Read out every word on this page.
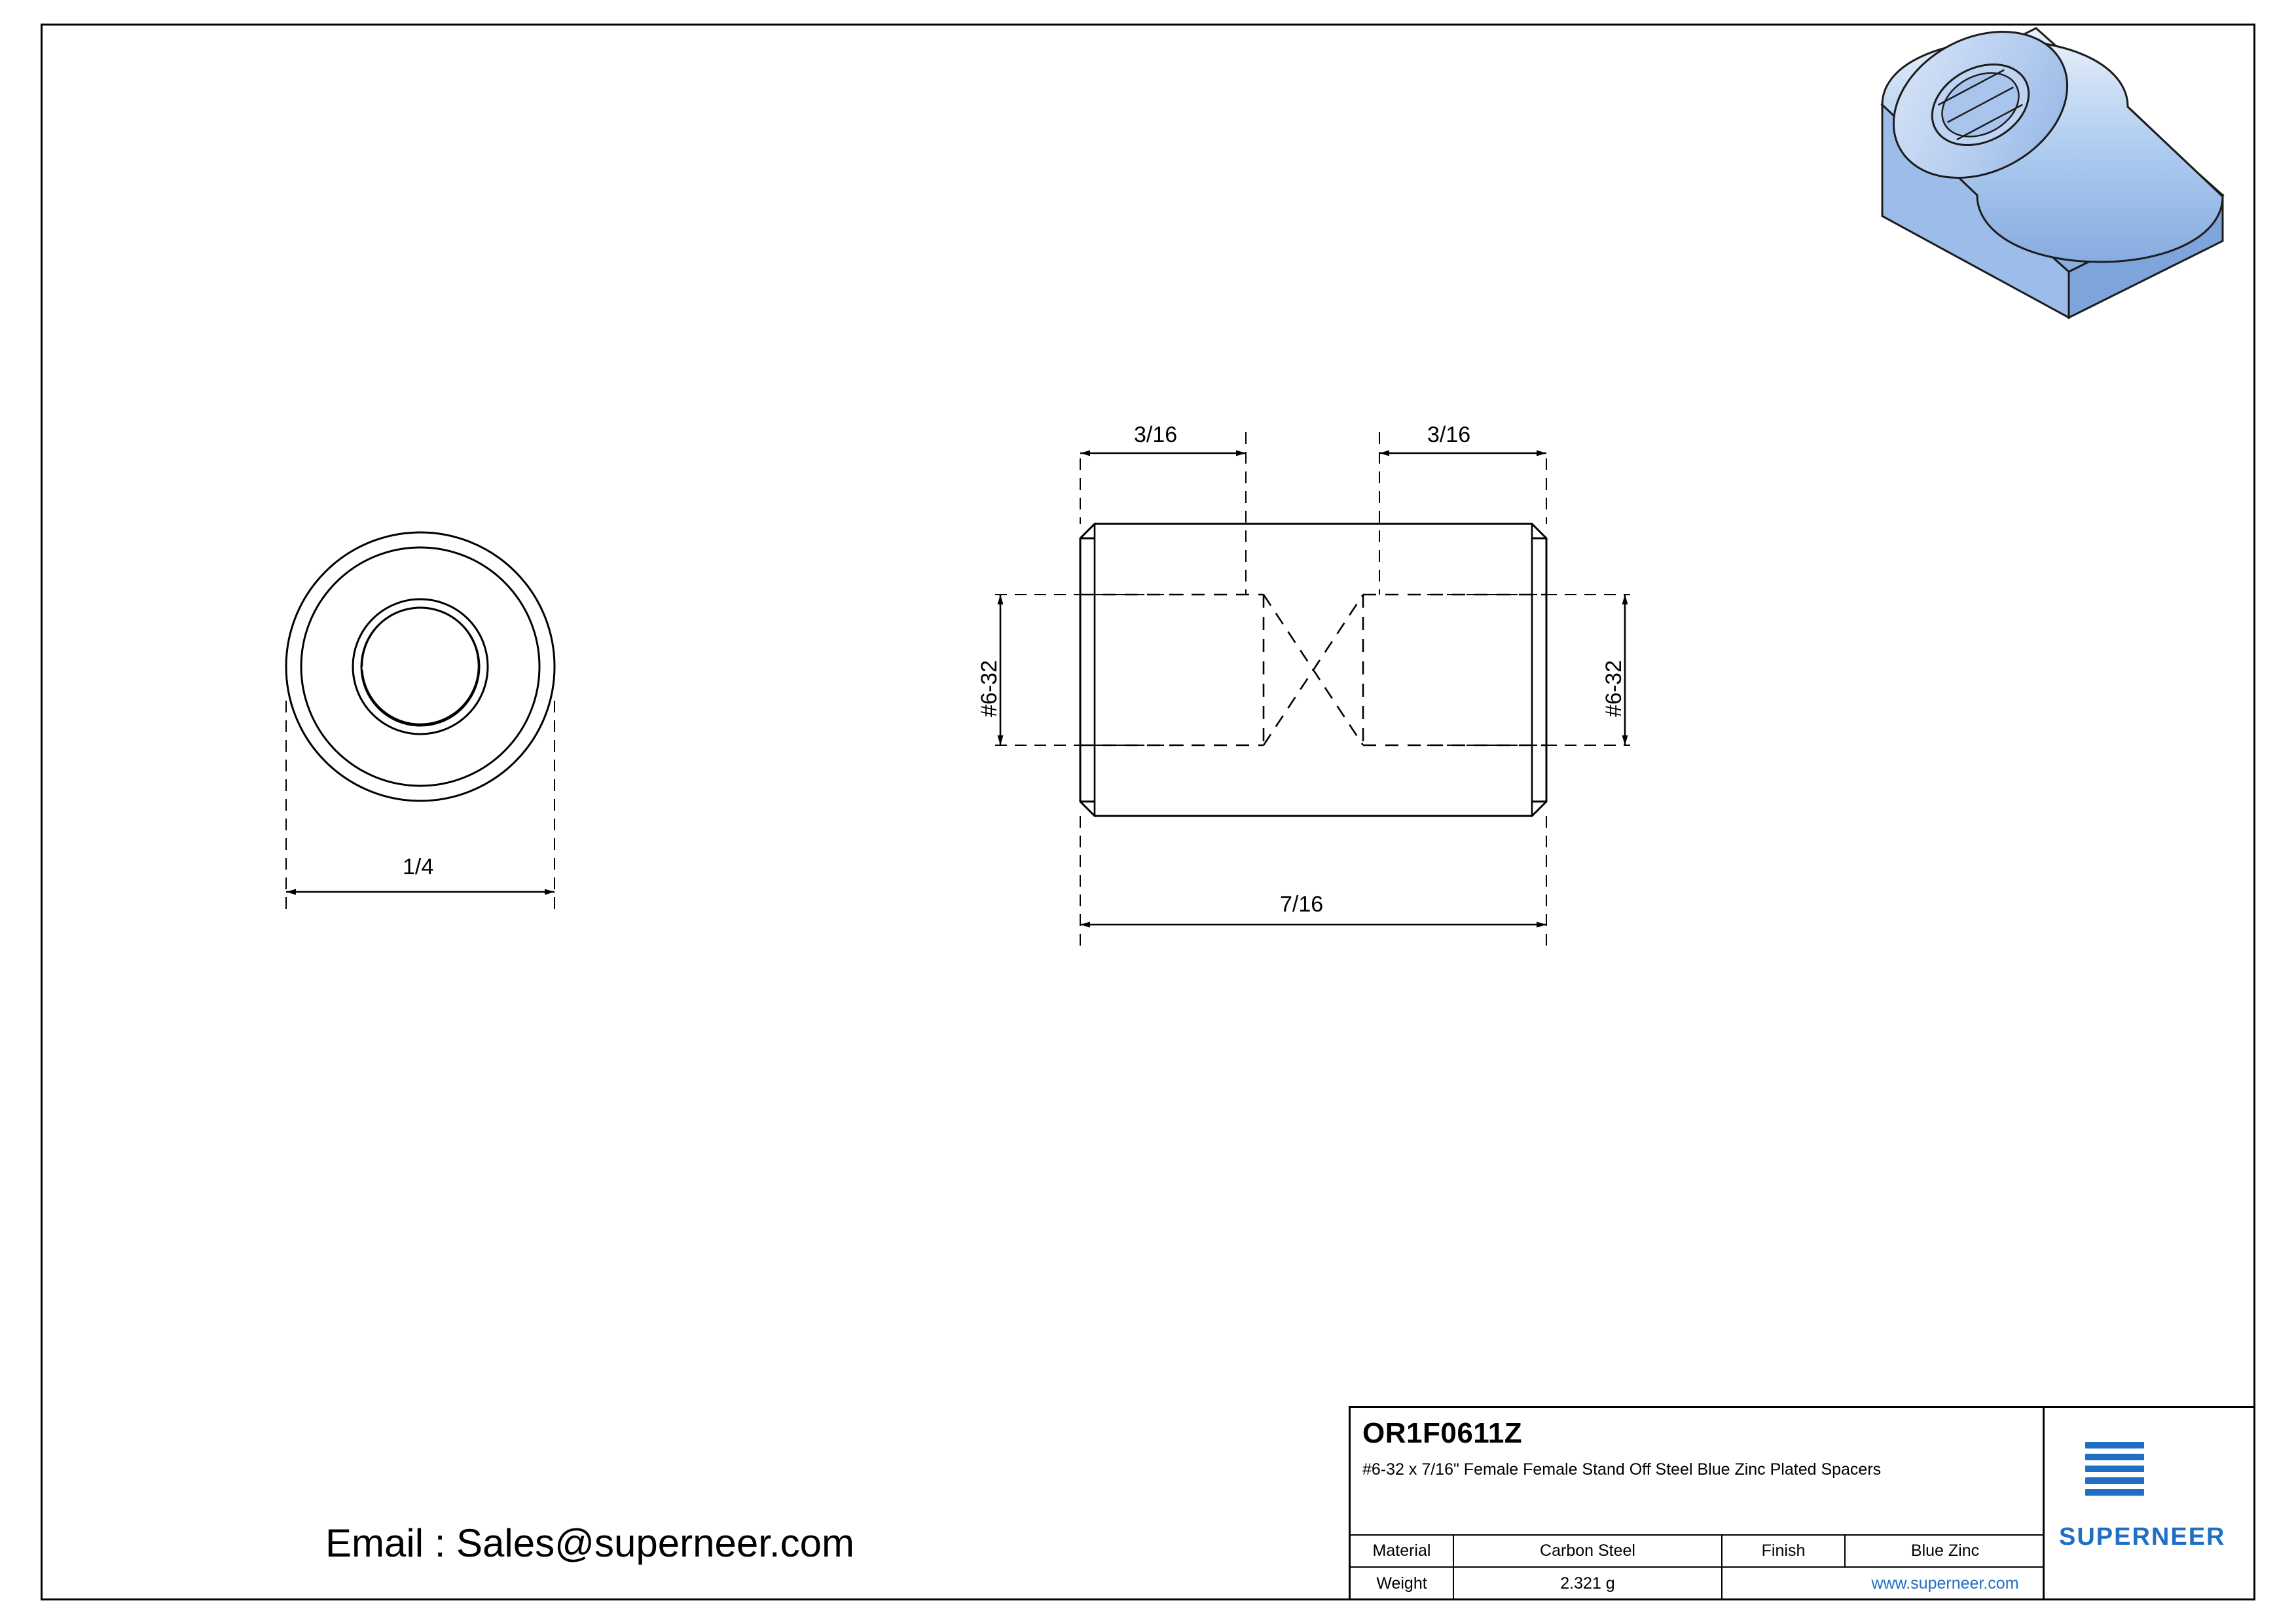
1/4
3/16	3/16
7/16
#6-32	#6-32
Email : Sales@superneer.com
OR1F0611Z
#6-32 x 7/16" Female Female Stand Off Steel Blue Zinc Plated Spacers
Material	Carbon Steel	Finish	Blue Zinc
Weight	2.321 g	www.superneer.com
SUPERNEER
